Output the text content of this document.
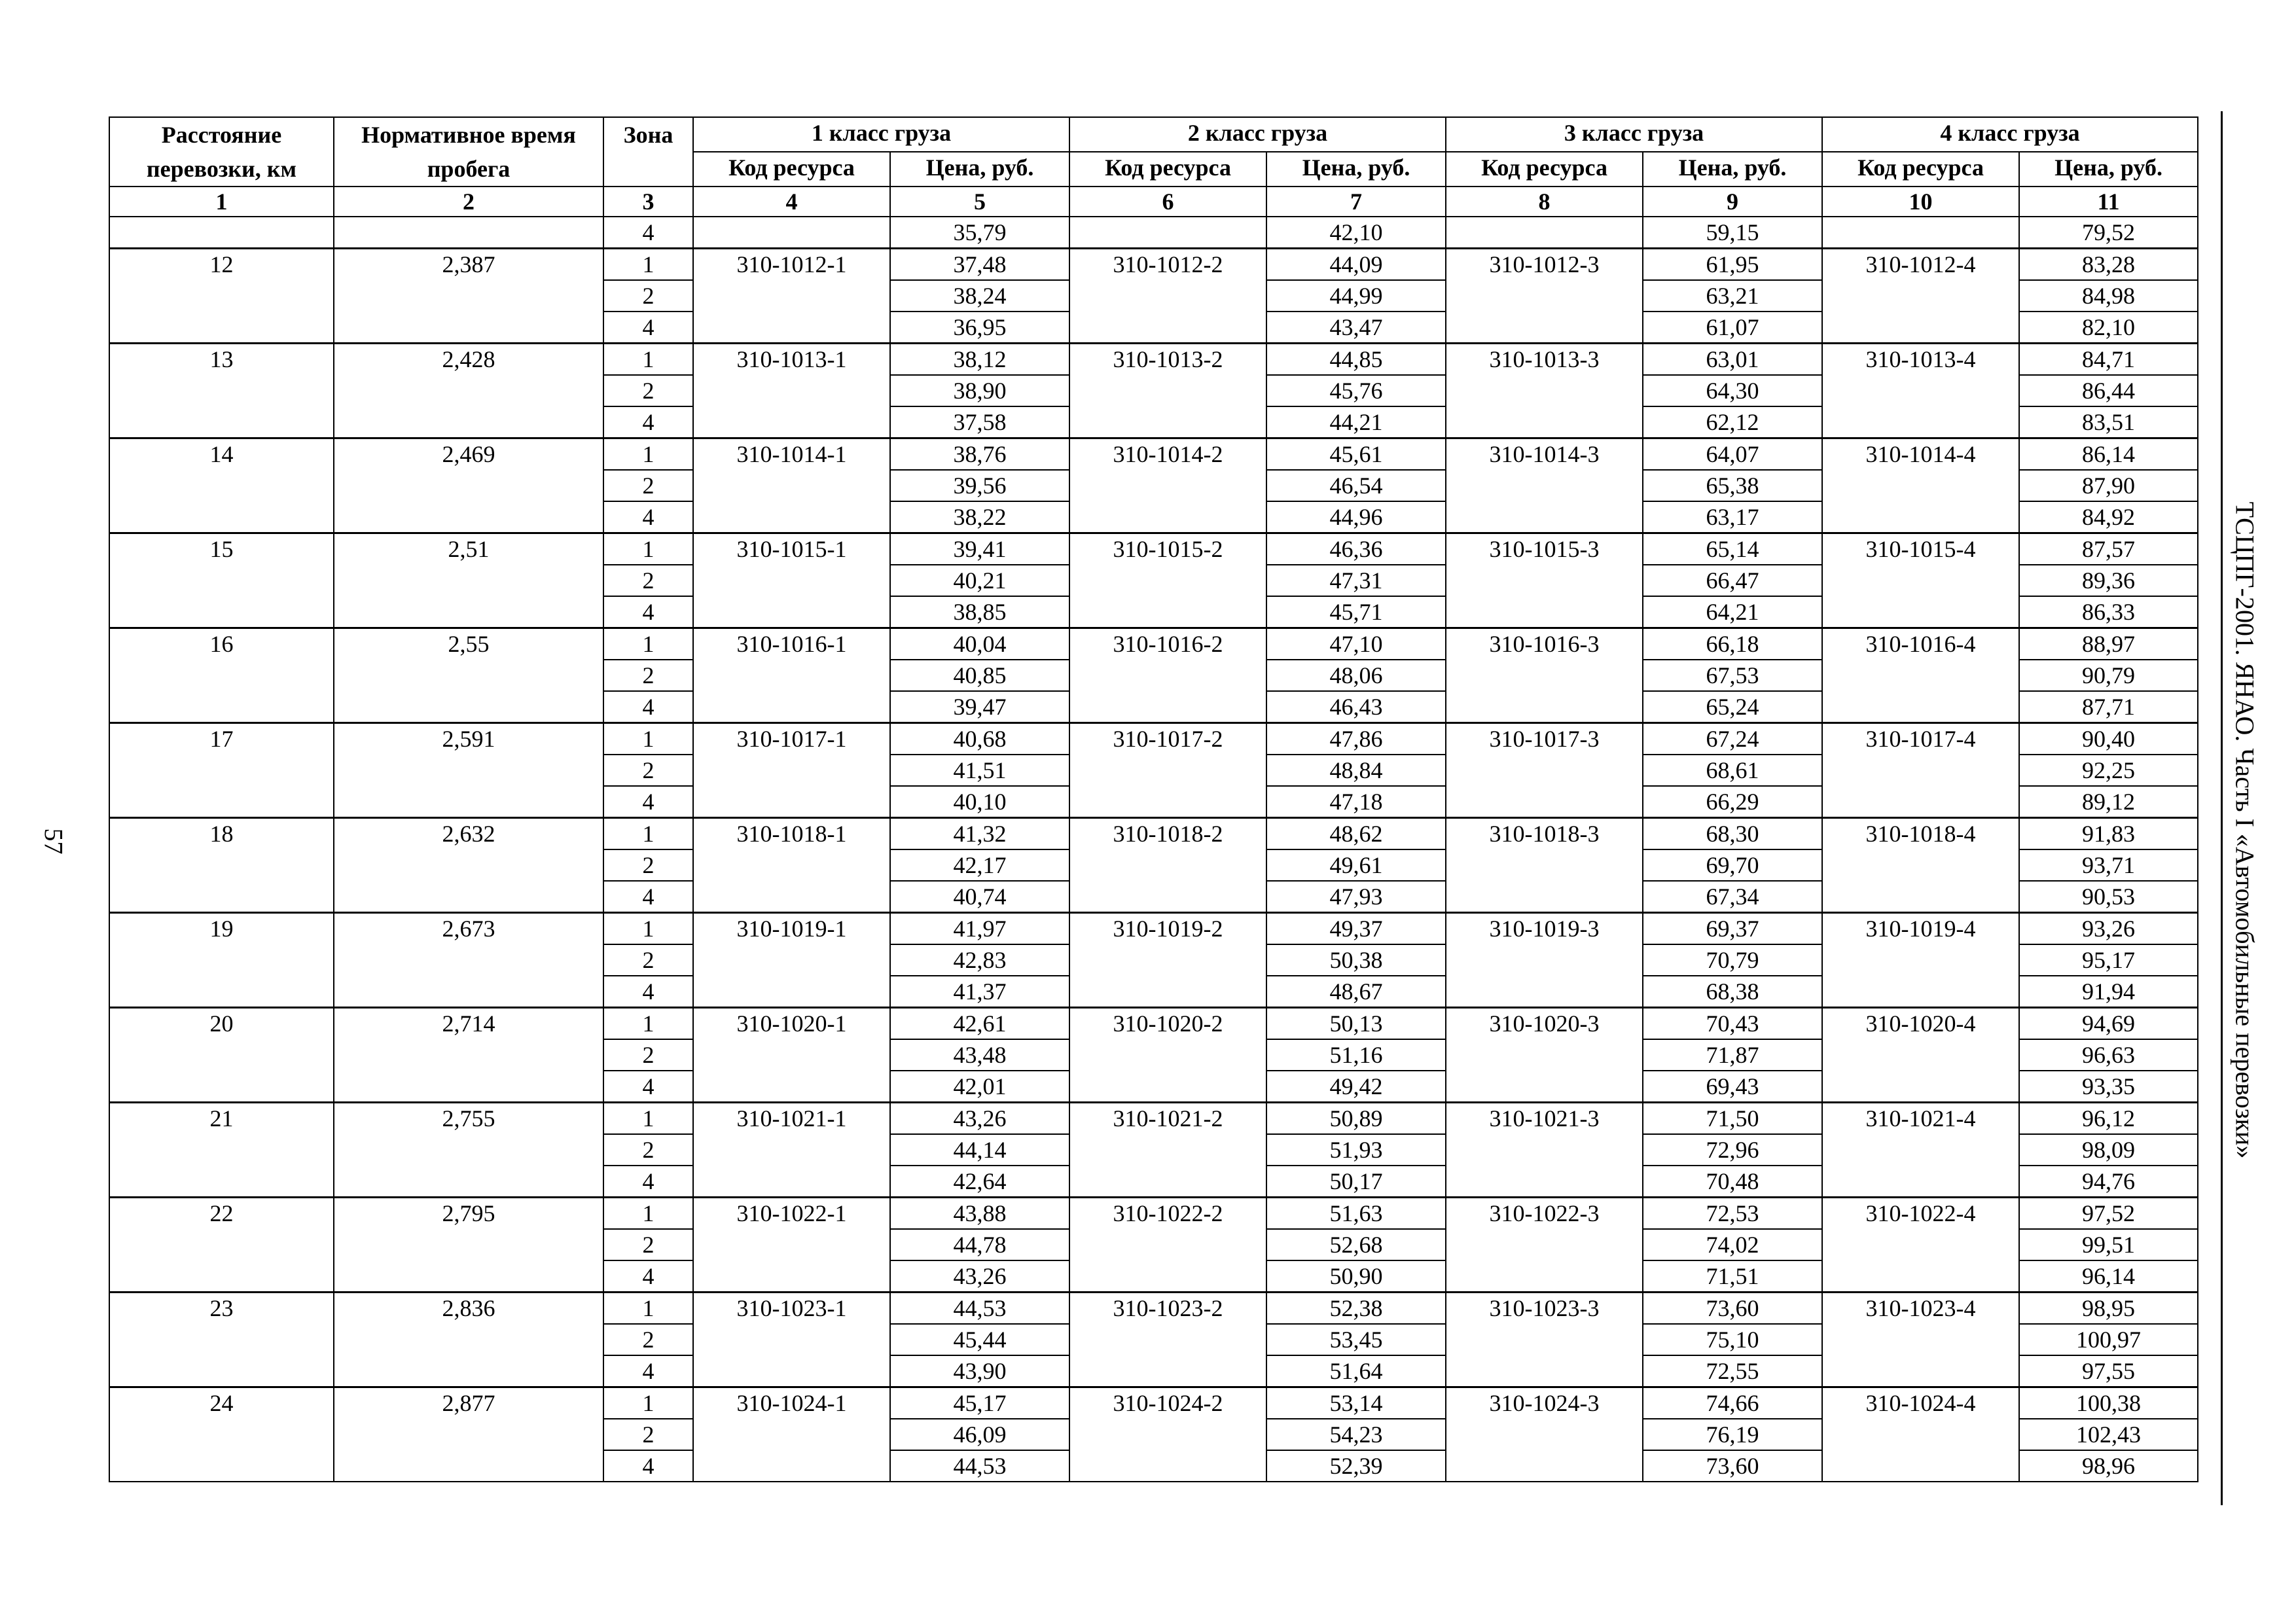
57	ТСЦПГ-2001. ЯНАО. Часть I «Автомобильные перевозки»
Расстояние перевозки, км	Нормативное время пробега	Зона	1 класс груза		2 класс груза		3 класс груза		4 класс груза	
			Код ресурса	Цена, руб.	Код ресурса	Цена, руб.	Код ресурса	Цена, руб.	Код ресурса	Цена, руб.
1	2	3	4	5	6	7	8	9	10	11
		4		35,79		42,10		59,15		79,52
12	2,387	1	310-1012-1	37,48	310-1012-2	44,09	310-1012-3	61,95	310-1012-4	83,28
		2		38,24		44,99		63,21		84,98
		4		36,95		43,47		61,07		82,10
13	2,428	1	310-1013-1	38,12	310-1013-2	44,85	310-1013-3	63,01	310-1013-4	84,71
		2		38,90		45,76		64,30		86,44
		4		37,58		44,21		62,12		83,51
14	2,469	1	310-1014-1	38,76	310-1014-2	45,61	310-1014-3	64,07	310-1014-4	86,14
		2		39,56		46,54		65,38		87,90
		4		38,22		44,96		63,17		84,92
15	2,51	1	310-1015-1	39,41	310-1015-2	46,36	310-1015-3	65,14	310-1015-4	87,57
		2		40,21		47,31		66,47		89,36
		4		38,85		45,71		64,21		86,33
16	2,55	1	310-1016-1	40,04	310-1016-2	47,10	310-1016-3	66,18	310-1016-4	88,97
		2		40,85		48,06		67,53		90,79
		4		39,47		46,43		65,24		87,71
17	2,591	1	310-1017-1	40,68	310-1017-2	47,86	310-1017-3	67,24	310-1017-4	90,40
		2		41,51		48,84		68,61		92,25
		4		40,10		47,18		66,29		89,12
18	2,632	1	310-1018-1	41,32	310-1018-2	48,62	310-1018-3	68,30	310-1018-4	91,83
		2		42,17		49,61		69,70		93,71
		4		40,74		47,93		67,34		90,53
19	2,673	1	310-1019-1	41,97	310-1019-2	49,37	310-1019-3	69,37	310-1019-4	93,26
		2		42,83		50,38		70,79		95,17
		4		41,37		48,67		68,38		91,94
20	2,714	1	310-1020-1	42,61	310-1020-2	50,13	310-1020-3	70,43	310-1020-4	94,69
		2		43,48		51,16		71,87		96,63
		4		42,01		49,42		69,43		93,35
21	2,755	1	310-1021-1	43,26	310-1021-2	50,89	310-1021-3	71,50	310-1021-4	96,12
		2		44,14		51,93		72,96		98,09
		4		42,64		50,17		70,48		94,76
22	2,795	1	310-1022-1	43,88	310-1022-2	51,63	310-1022-3	72,53	310-1022-4	97,52
		2		44,78		52,68		74,02		99,51
		4		43,26		50,90		71,51		96,14
23	2,836	1	310-1023-1	44,53	310-1023-2	52,38	310-1023-3	73,60	310-1023-4	98,95
		2		45,44		53,45		75,10		100,97
		4		43,90		51,64		72,55		97,55
24	2,877	1	310-1024-1	45,17	310-1024-2	53,14	310-1024-3	74,66	310-1024-4	100,38
		2		46,09		54,23		76,19		102,43
		4		44,53		52,39		73,60		98,96
